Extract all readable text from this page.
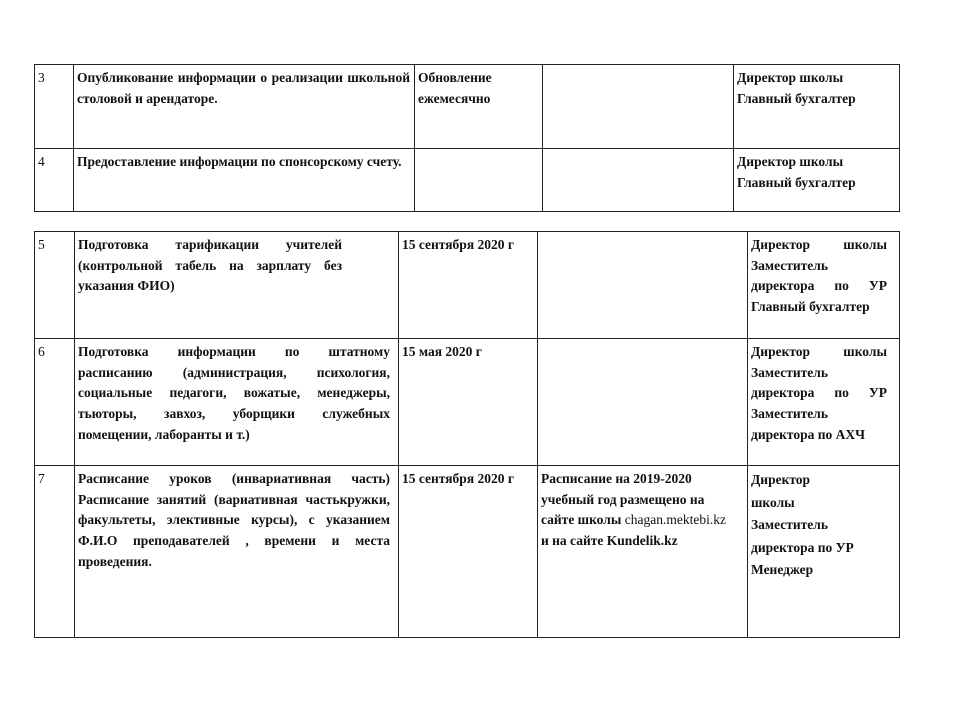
3	Опубликование информации о реализации школьной столовой и арендаторе.	Обновление ежемесячно		Директор школы
Главный бухгалтер
4	Предоставление информации по спонсорскому счету.			Директор школы
Главный бухгалтер
5	Подготовка тарификации учителей (контрольной табель на зарплату без указания ФИО)	15 сентября 2020 г		Директор школы Заместитель директора по УР Главный бухгалтер
6	Подготовка информации по штатному расписанию (администрация, психология, социальные педагоги, вожатые, менеджеры, тьюторы, завхоз, уборщики служебных помещении, лаборанты и т.)	15 мая 2020 г		Директор школы Заместитель директора по УР Заместитель директора по АХЧ
7	Расписание уроков (инвариативная часть) Расписание занятий (вариативная частькружки, факультеты, элективные курсы), с указанием Ф.И.О преподавателей , времени и места проведения.	15 сентября 2020 г	Расписание на 2019-2020 учебный год размещено на сайте школы chagan.mektebi.kz и на сайте Kundelik.kz	Директор
школы
Заместитель
директора по УР
Менеджер
